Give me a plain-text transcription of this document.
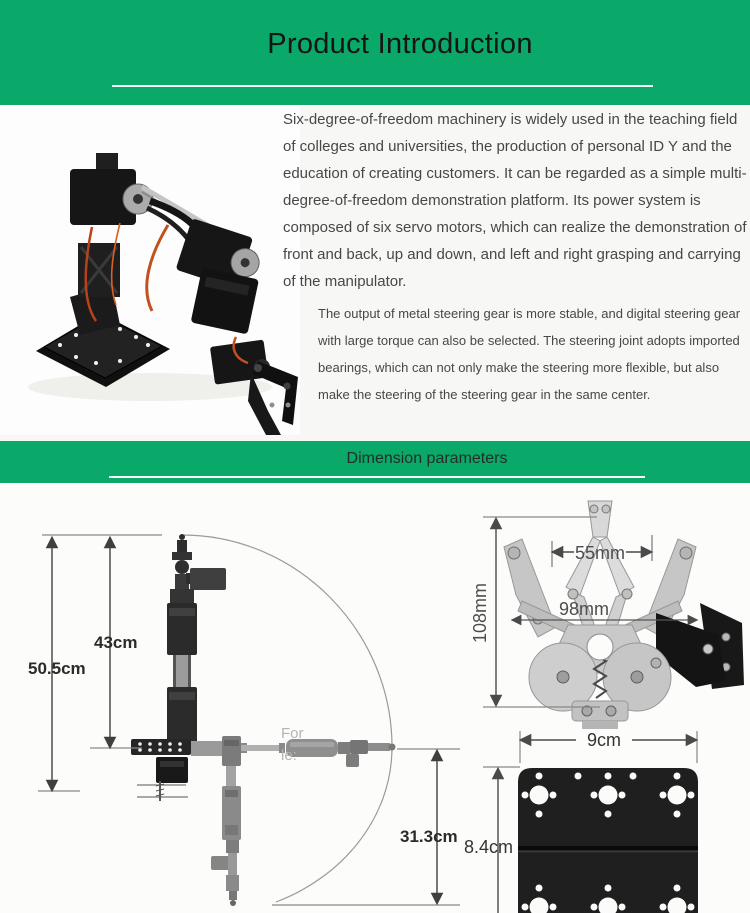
Product Introduction

Six-degree-of-freedom machinery is widely used in the teaching field of colleges and universities, the production of personal ID Y and the education of creating customers. It can be regarded as a simple multi-degree-of-freedom demonstration platform. Its power system is composed of six servo motors, which can realize the demonstration of front and back, up and down, and left and right grasping and carrying of the manipulator.

The output of metal steering gear is more stable, and digital steering gear with large torque can also be selected. The steering joint adopts imported bearings, which can not only make the steering more flexible, but also make the steering of the steering gear in the same center.

Dimension parameters
50.5cm
43cm
31.3cm
For
le:
108mm
55mm
98mm
9cm
8.4cm
